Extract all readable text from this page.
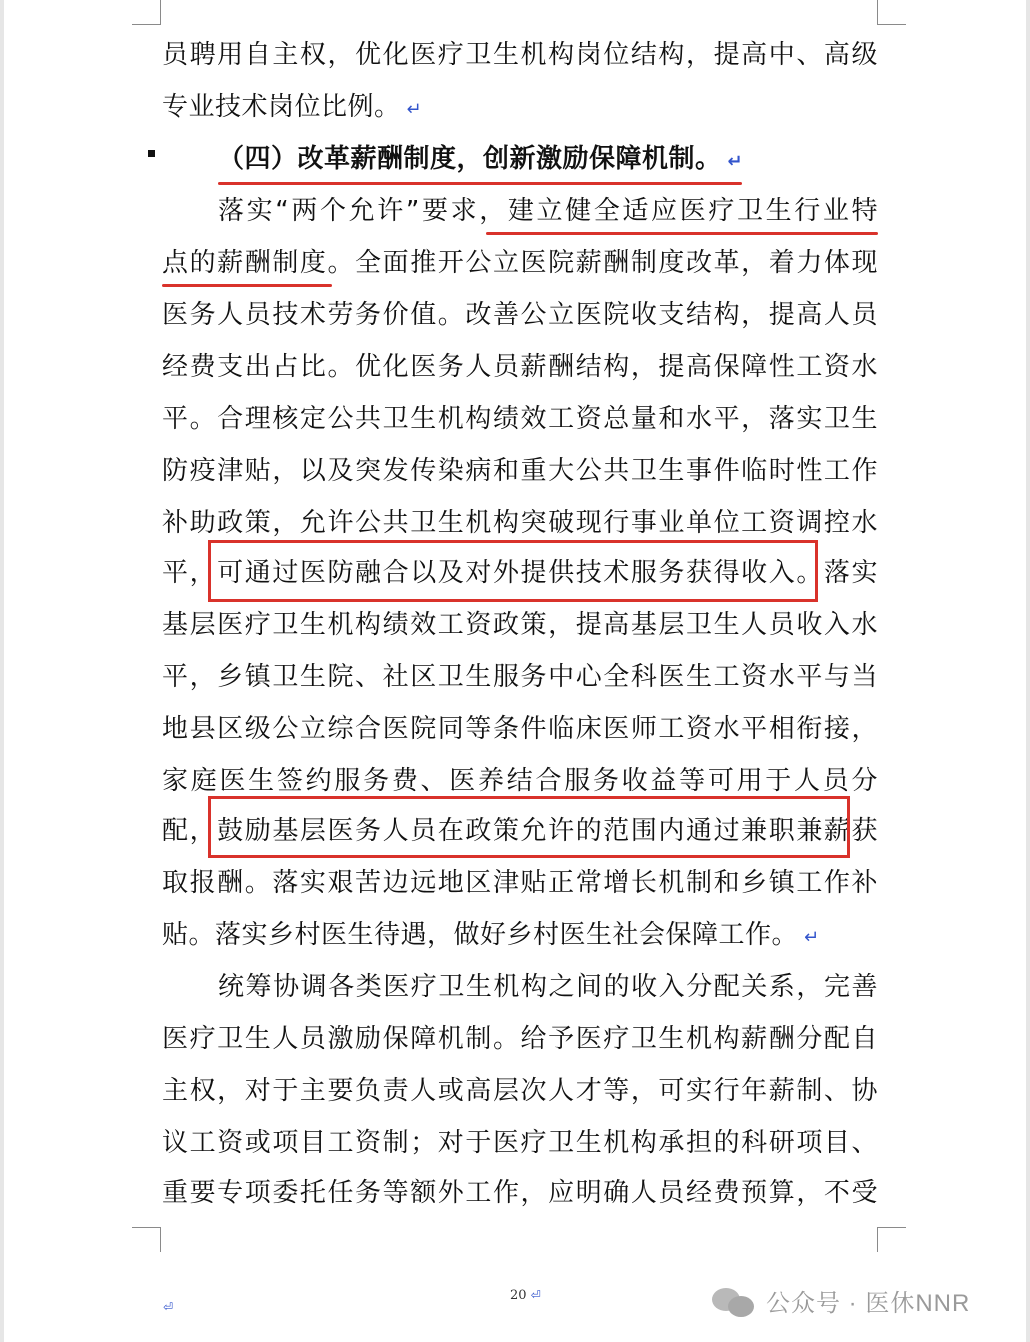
员聘用自主权，优化医疗卫生机构岗位结构，提高中、高级
专业技术岗位比例。 ↵
（四）改革薪酬制度，创新激励保障机制。 ↵
落实“两个允许”要求，建立健全适应医疗卫生行业特
点的薪酬制度。全面推开公立医院薪酬制度改革，着力体现
医务人员技术劳务价值。改善公立医院收支结构，提高人员
经费支出占比。优化医务人员薪酬结构，提高保障性工资水
平。合理核定公共卫生机构绩效工资总量和水平，落实卫生
防疫津贴，以及突发传染病和重大公共卫生事件临时性工作
补助政策，允许公共卫生机构突破现行事业单位工资调控水
平，可通过医防融合以及对外提供技术服务获得收入。落实
基层医疗卫生机构绩效工资政策，提高基层卫生人员收入水
平，乡镇卫生院、社区卫生服务中心全科医生工资水平与当
地县区级公立综合医院同等条件临床医师工资水平相衔接，
家庭医生签约服务费、医养结合服务收益等可用于人员分
配，鼓励基层医务人员在政策允许的范围内通过兼职兼薪获
取报酬。落实艰苦边远地区津贴正常增长机制和乡镇工作补
贴。落实乡村医生待遇，做好乡村医生社会保障工作。 ↵
统筹协调各类医疗卫生机构之间的收入分配关系，完善
医疗卫生人员激励保障机制。给予医疗卫生机构薪酬分配自
主权，对于主要负责人或高层次人才等，可实行年薪制、协
议工资或项目工资制；对于医疗卫生机构承担的科研项目、
重要专项委托任务等额外工作，应明确人员经费预算，不受
20 ⏎
⏎	公众号 · 医休NNR
